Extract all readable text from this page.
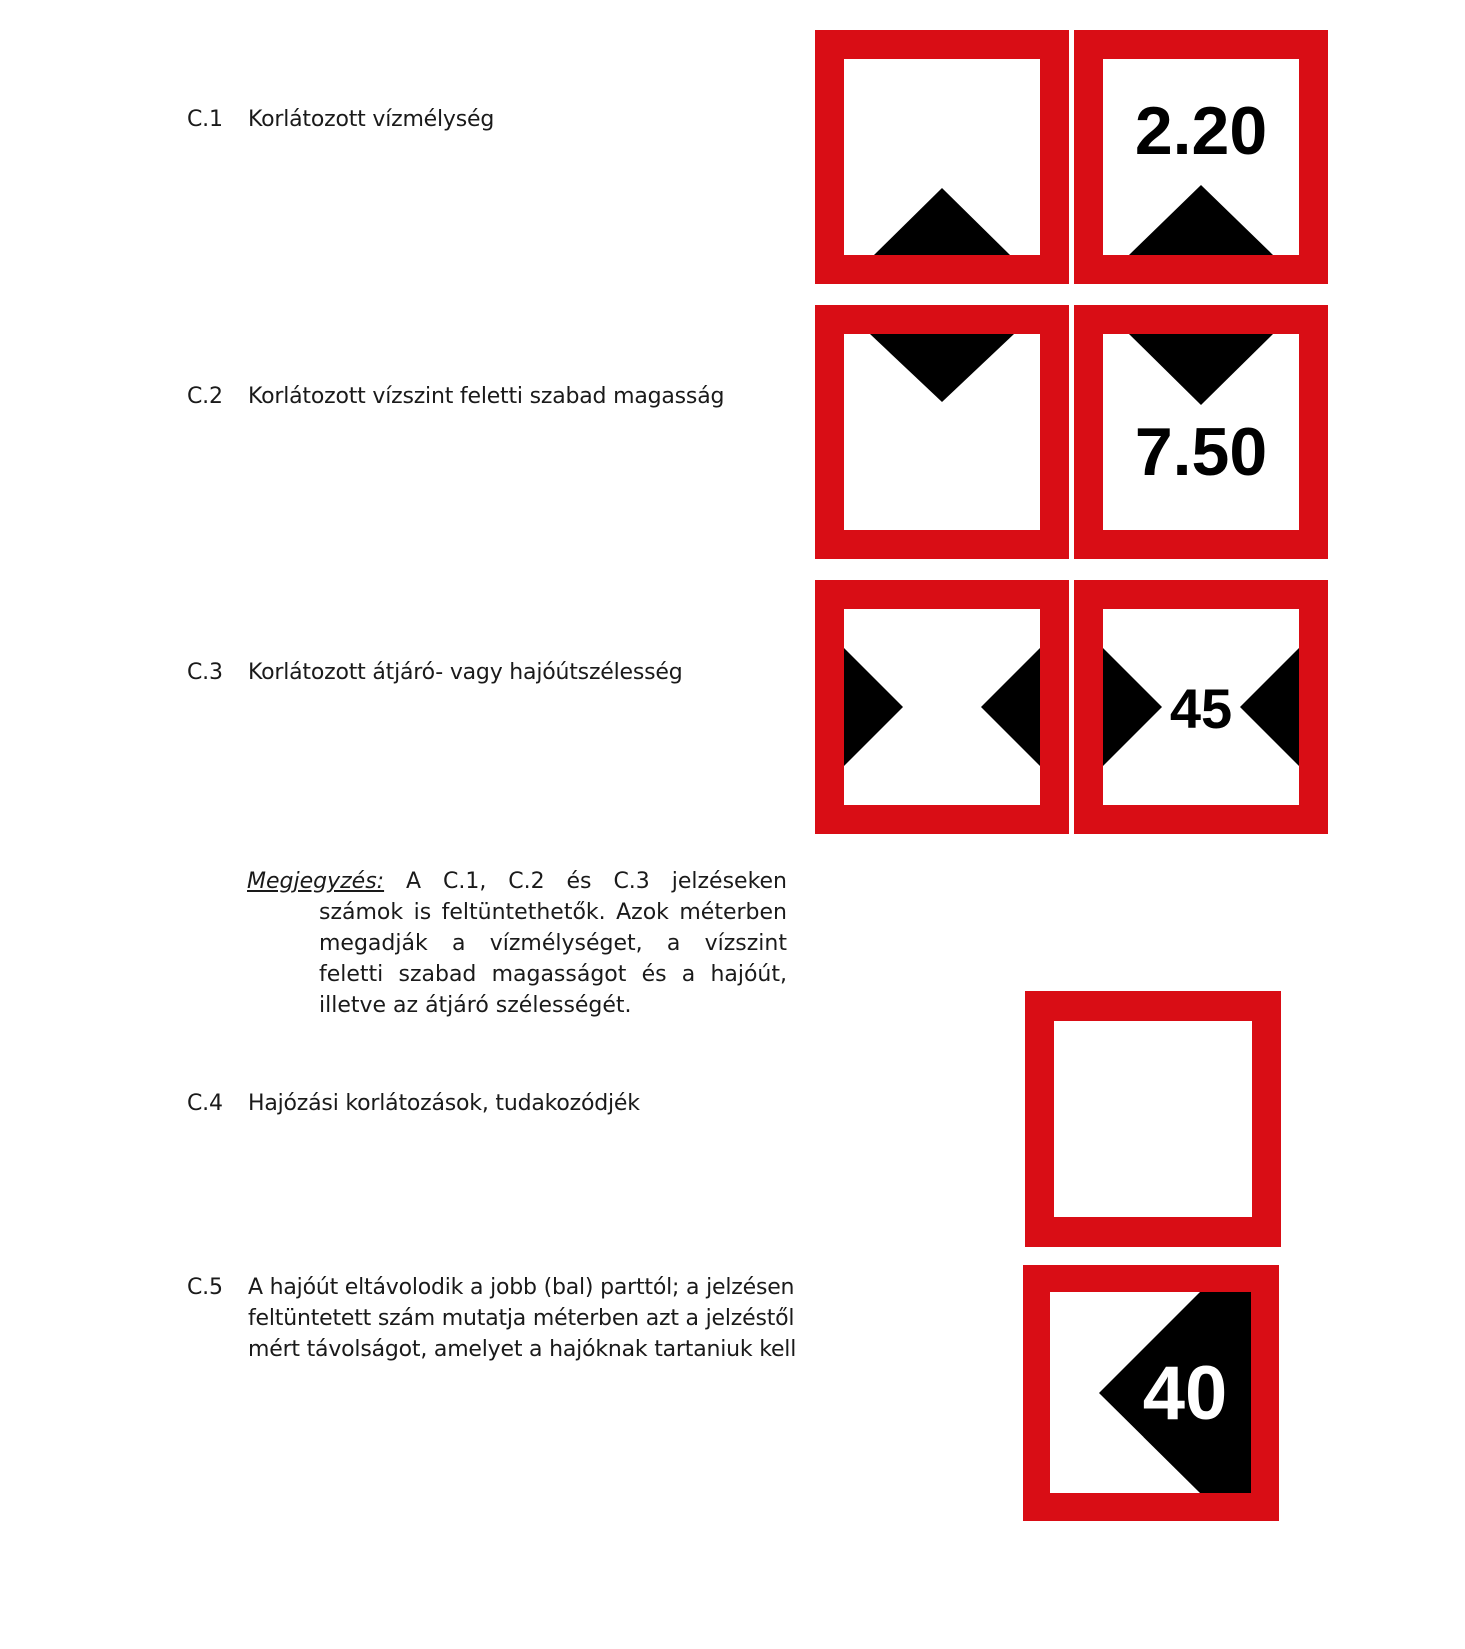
C.1 Korlátozott vízmélység
C.2 Korlátozott vízszint feletti szabad magasság
C.3 Korlátozott átjáró- vagy hajóútszélesség
Megjegyzés: A C.1, C.2 és C.3 jelzéseken számok is feltüntethetők. Azok méterben megadják a vízmélységet, a vízszint feletti szabad magasságot és a hajóút, illetve az átjáró szélességét.
C.4 Hajózási korlátozások, tudakozódjék
C.5 A hajóút eltávolodik a jobb (bal) parttól; a jelzésen
feltüntetett szám mutatja méterben azt a jelzéstől
mért távolságot, amelyet a hajóknak tartaniuk kell
2.20
7.50
45
40
